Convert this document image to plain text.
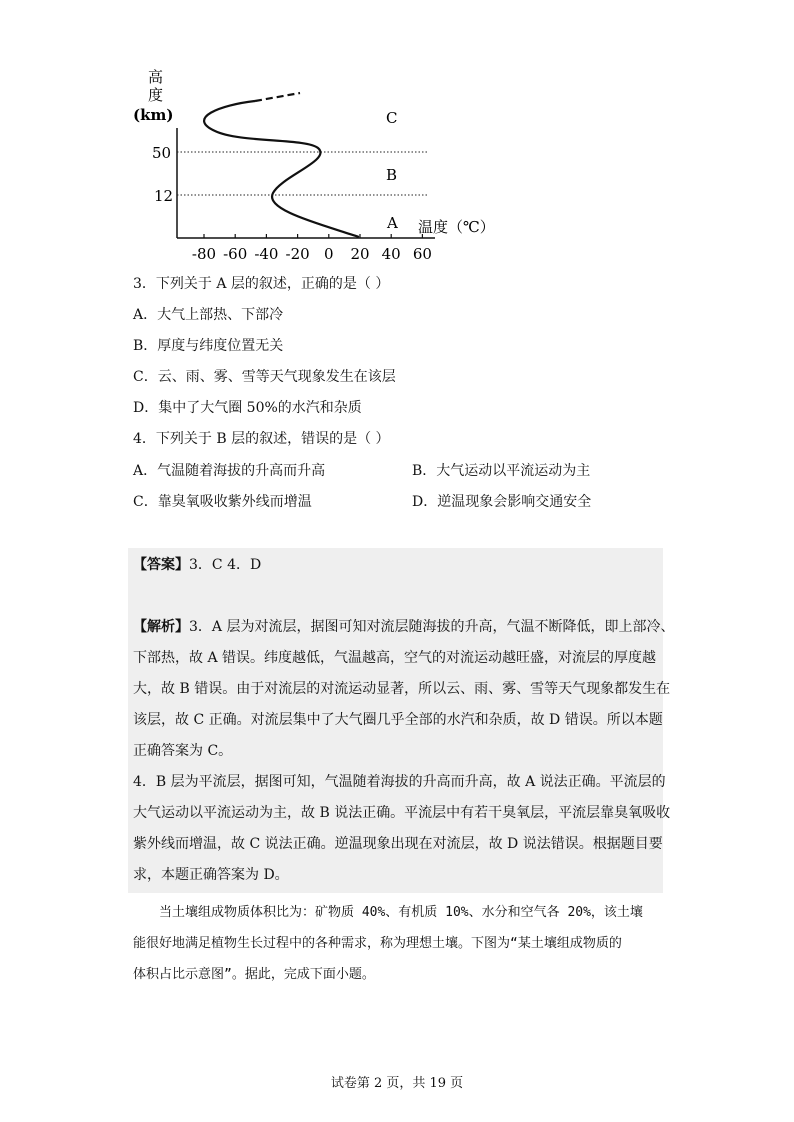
高
度
(km)
50
12
C
B
A 温度（℃）
-80 -60 -40 -20 0 20 40 60
3．下列关于 A 层的叙述，正确的是（ ）
A．大气上部热、下部冷
B．厚度与纬度位置无关
C．云、雨、雾、雪等天气现象发生在该层
D．集中了大气圈 50%的水汽和杂质
4．下列关于 B 层的叙述，错误的是（ ）
A．气温随着海拔的升高而升高	B．大气运动以平流运动为主
C．靠臭氧吸收紫外线而增温	D．逆温现象会影响交通安全
【答案】3．C 4．D
【解析】3．A 层为对流层，据图可知对流层随海拔的升高，气温不断降低，即上部冷、
下部热，故 A 错误。纬度越低，气温越高，空气的对流运动越旺盛，对流层的厚度越
大，故 B 错误。由于对流层的对流运动显著，所以云、雨、雾、雪等天气现象都发生在
该层，故 C 正确。对流层集中了大气圈几乎全部的水汽和杂质，故 D 错误。所以本题
正确答案为 C。
4．B 层为平流层，据图可知，气温随着海拔的升高而升高，故 A 说法正确。平流层的
大气运动以平流运动为主，故 B 说法正确。平流层中有若干臭氧层，平流层靠臭氧吸收
紫外线而增温，故 C 说法正确。逆温现象出现在对流层，故 D 说法错误。根据题目要
求，本题正确答案为 D。
当土壤组成物质体积比为：矿物质 40%、有机质 10%、水分和空气各 20%，该土壤
能很好地满足植物生长过程中的各种需求，称为理想土壤。下图为“某土壤组成物质的
体积占比示意图”。据此，完成下面小题。
试卷第 2 页，共 19 页
